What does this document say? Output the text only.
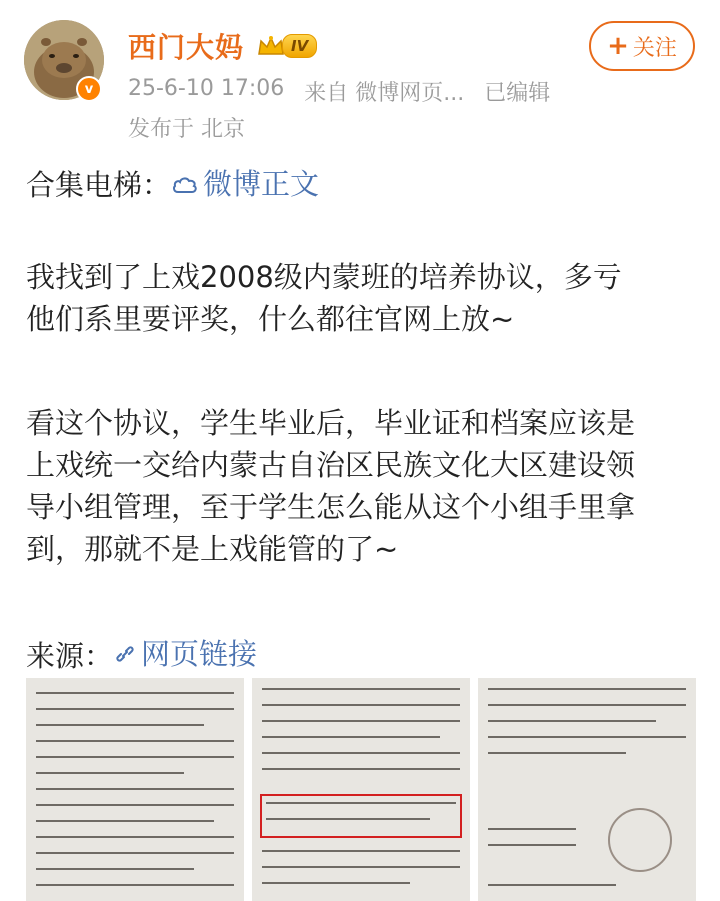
v
西门大妈	IV
25-6-10 17:06 来自 微博网页... 已编辑
发布于 北京
+ 关注
合集电梯： 微博正文
我找到了上戏2008级内蒙班的培养协议，多亏
他们系里要评奖，什么都往官网上放~
看这个协议，学生毕业后，毕业证和档案应该是
上戏统一交给内蒙古自治区民族文化大区建设领
导小组管理，至于学生怎么能从这个小组手里拿
到，那就不是上戏能管的了~
来源： 网页链接
